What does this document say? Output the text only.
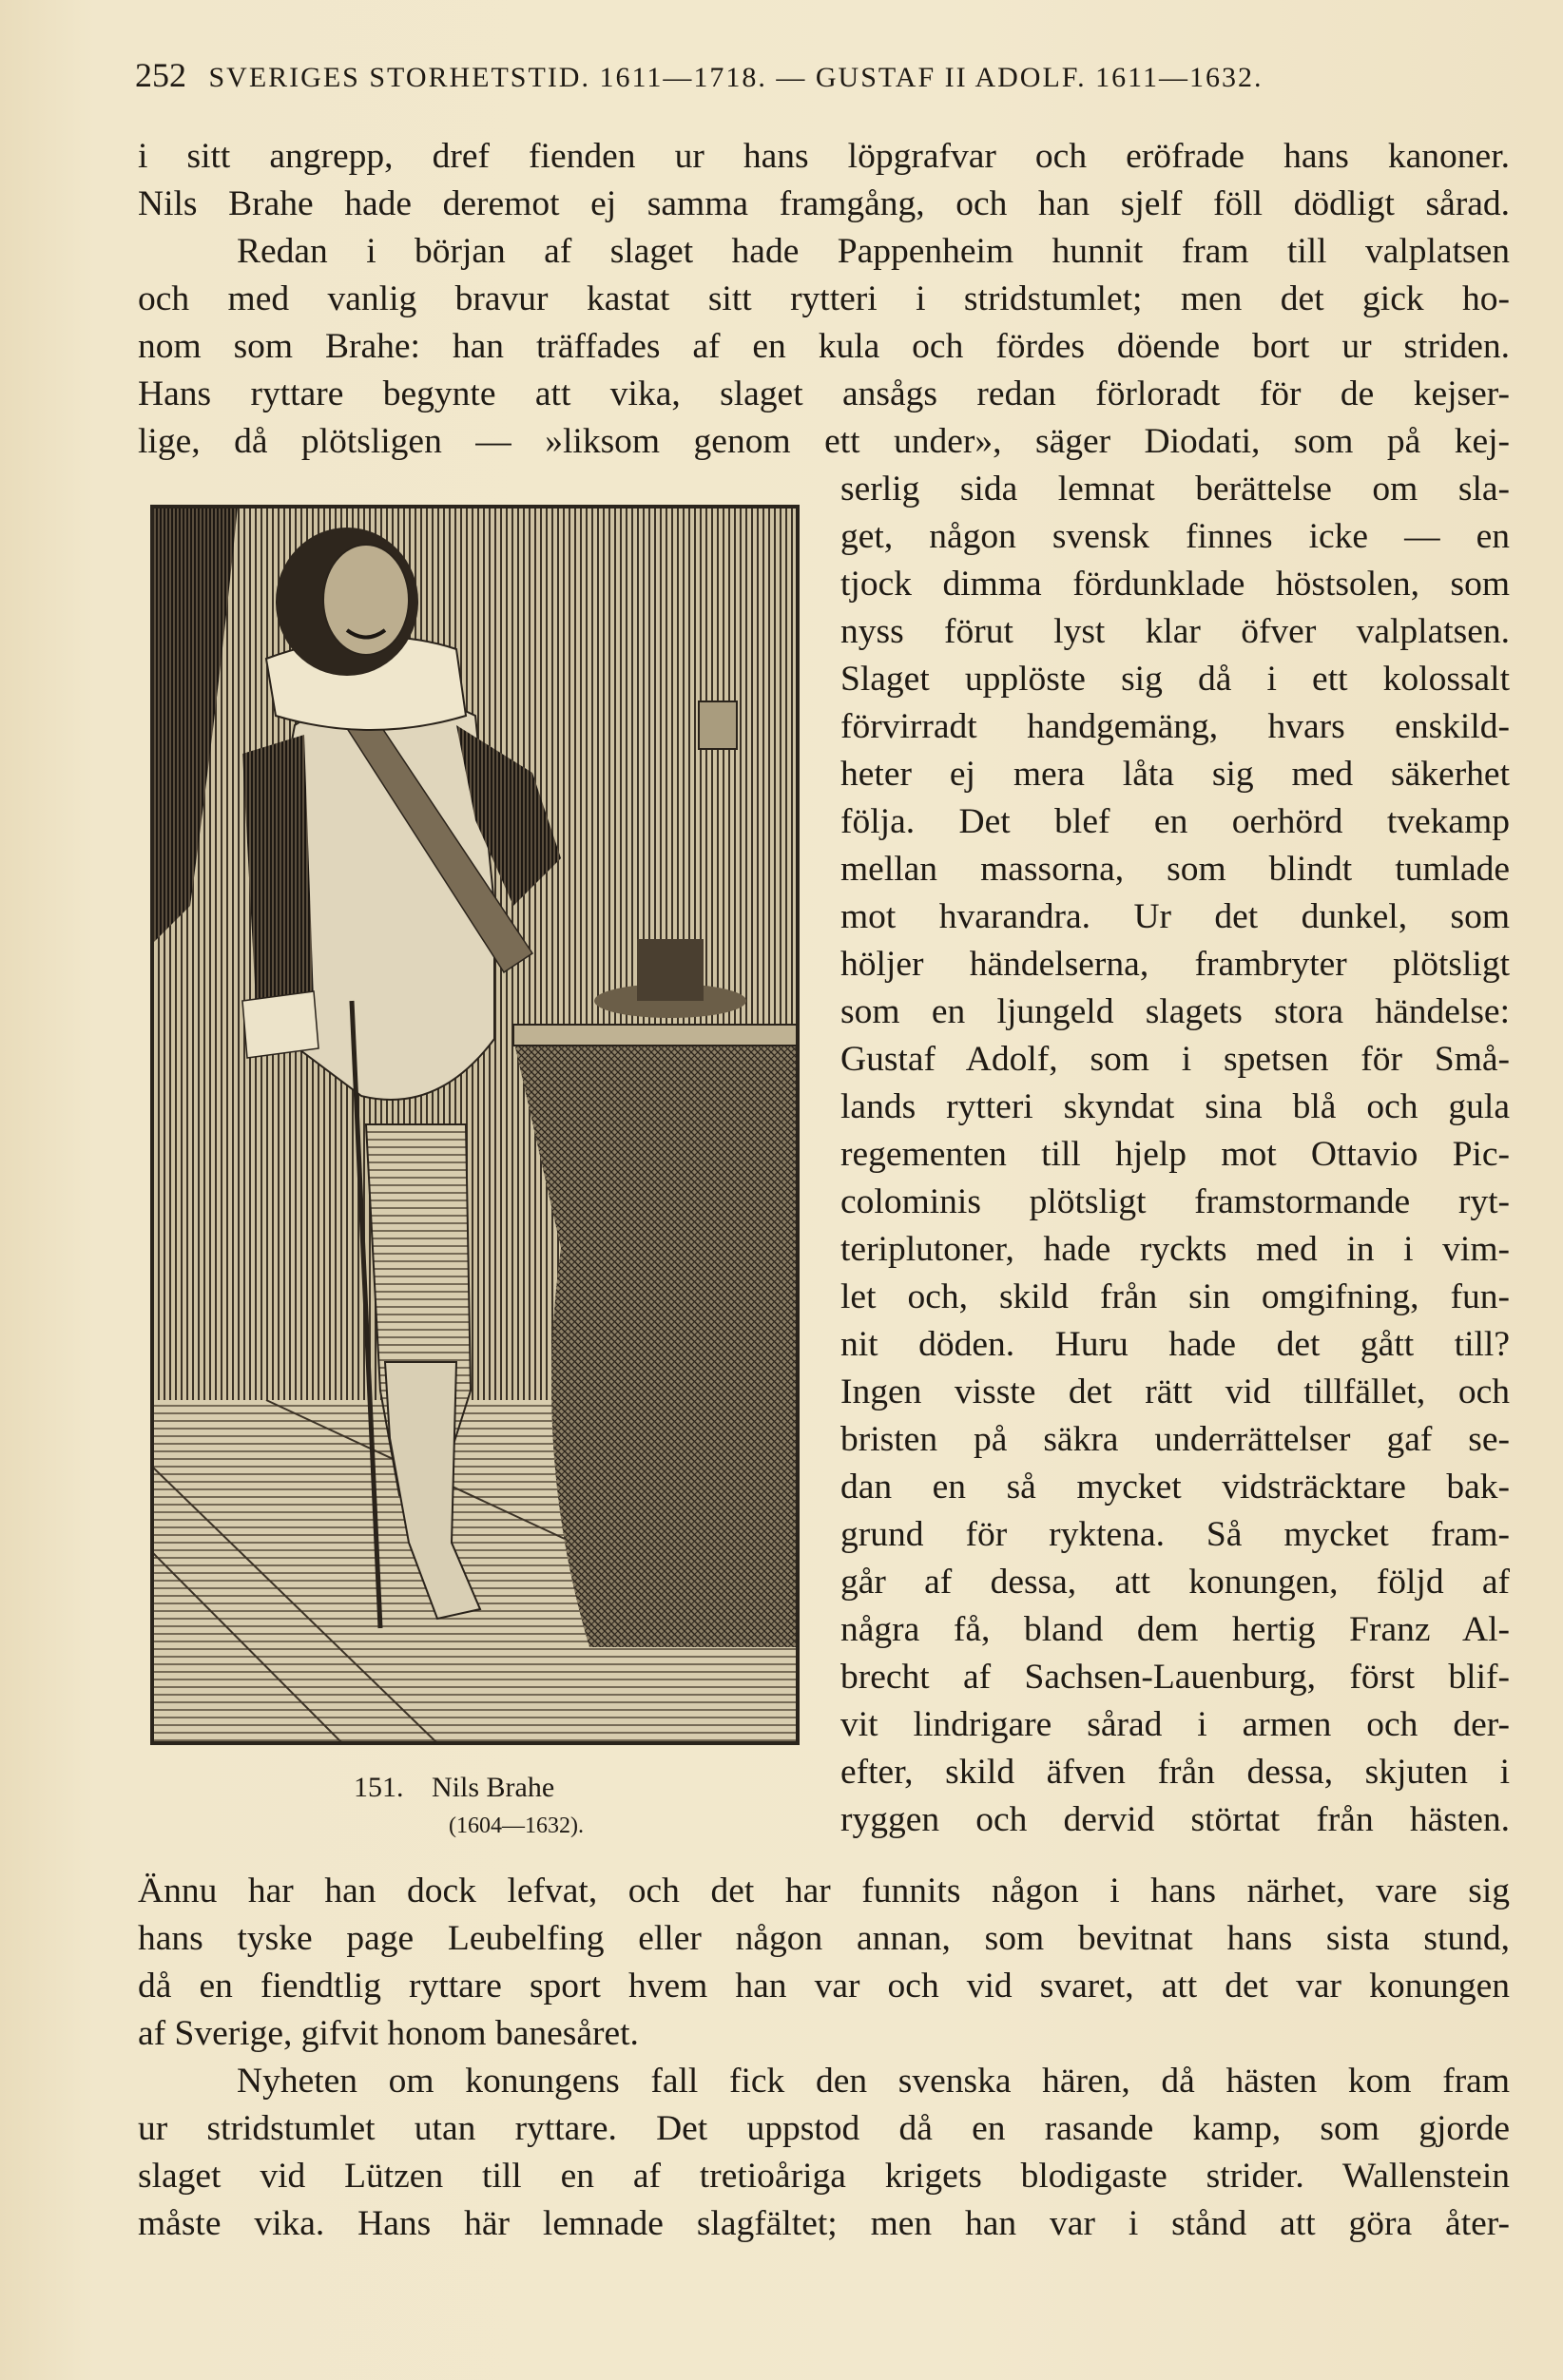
252 SVERIGES STORHETSTID. 1611—1718. — GUSTAF II ADOLF. 1611—1632.
i sitt angrepp, dref fienden ur hans löpgrafvar och eröfrade hans kanoner.
Nils Brahe hade deremot ej samma framgång, och han sjelf föll dödligt sårad.
Redan i början af slaget hade Pappenheim hunnit fram till valplatsen
och med vanlig bravur kastat sitt rytteri i stridstumlet; men det gick ho-
nom som Brahe: han träffades af en kula och fördes döende bort ur striden.
Hans ryttare begynte att vika, slaget ansågs redan förloradt för de kejser-
lige, då plötsligen — »liksom genom ett under», säger Diodati, som på kej-
151. Nils Brahe
(1604—1632).
serlig sida lemnat berättelse om sla-
get, någon svensk finnes icke — en
tjock dimma fördunklade höstsolen, som
nyss förut lyst klar öfver valplatsen.
Slaget upplöste sig då i ett kolossalt
förvirradt handgemäng, hvars enskild-
heter ej mera låta sig med säkerhet
följa. Det blef en oerhörd tvekamp
mellan massorna, som blindt tumlade
mot hvarandra. Ur det dunkel, som
höljer händelserna, frambryter plötsligt
som en ljungeld slagets stora händelse:
Gustaf Adolf, som i spetsen för Små-
lands rytteri skyndat sina blå och gula
regementen till hjelp mot Ottavio Pic-
colominis plötsligt framstormande ryt-
teriplutoner, hade ryckts med in i vim-
let och, skild från sin omgifning, fun-
nit döden. Huru hade det gått till?
Ingen visste det rätt vid tillfället, och
bristen på säkra underrättelser gaf se-
dan en så mycket vidsträcktare bak-
grund för ryktena. Så mycket fram-
går af dessa, att konungen, följd af
några få, bland dem hertig Franz Al-
brecht af Sachsen-Lauenburg, först blif-
vit lindrigare sårad i armen och der-
efter, skild äfven från dessa, skjuten i
ryggen och dervid störtat från hästen.
Ännu har han dock lefvat, och det har funnits någon i hans närhet, vare sig
hans tyske page Leubelfing eller någon annan, som bevitnat hans sista stund,
då en fiendtlig ryttare sport hvem han var och vid svaret, att det var konungen
af Sverige, gifvit honom banesåret.
Nyheten om konungens fall fick den svenska hären, då hästen kom fram
ur stridstumlet utan ryttare. Det uppstod då en rasande kamp, som gjorde
slaget vid Lützen till en af tretioåriga krigets blodigaste strider. Wallenstein
måste vika. Hans här lemnade slagfältet; men han var i stånd att göra åter-
